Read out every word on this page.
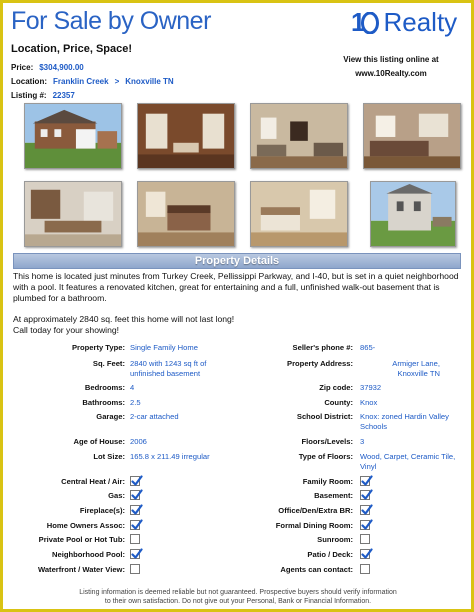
For Sale by Owner	1 Realty
Location, Price, Space!
Price: $304,900.00
Location: Franklin Creek > Knoxville TN
Listing #: 22357
View this listing online at
www.10Realty.com
Property Details

This home is located just minutes from Turkey Creek, Pellissippi Parkway, and I-40, but is set in a quiet neighborhood with a pool. It features a renovated kitchen, great for entertaining and a full, unfinished walk-out basement that is plumbed for a bathroom.

At approximately 2840 sq. feet this home will not last long!

Call today for your showing!

Property Type: Single Family Home
Sq. Feet: 2840 with 1243 sq ft of unfinished basement
Bedrooms: 4
Bathrooms: 2.5
Garage: 2-car attached
Age of House: 2006
Lot Size: 165.8 x 211.49 irregular
Seller's phone #: 865-
Property Address:	Armiger Lane, Knoxville TN
Zip code: 37932
County: Knox
School District: Knox: zoned Hardin Valley Schools
Floors/Levels: 3
Type of Floors: Wood, Carpet, Ceramic Tile, Vinyl
Central Heat / Air:
Gas:
Fireplace(s):
Home Owners Assoc:
Private Pool or Hot Tub:
Neighborhood Pool:
Waterfront / Water View:
Family Room:
Basement:
Office/Den/Extra BR:
Formal Dining Room:
Sunroom:
Patio / Deck:
Agents can contact:
Listing information is deemed reliable but not guaranteed. Prospective buyers should verify information
to their own satisfaction. Do not give out your Personal, Bank or Financial Information.
